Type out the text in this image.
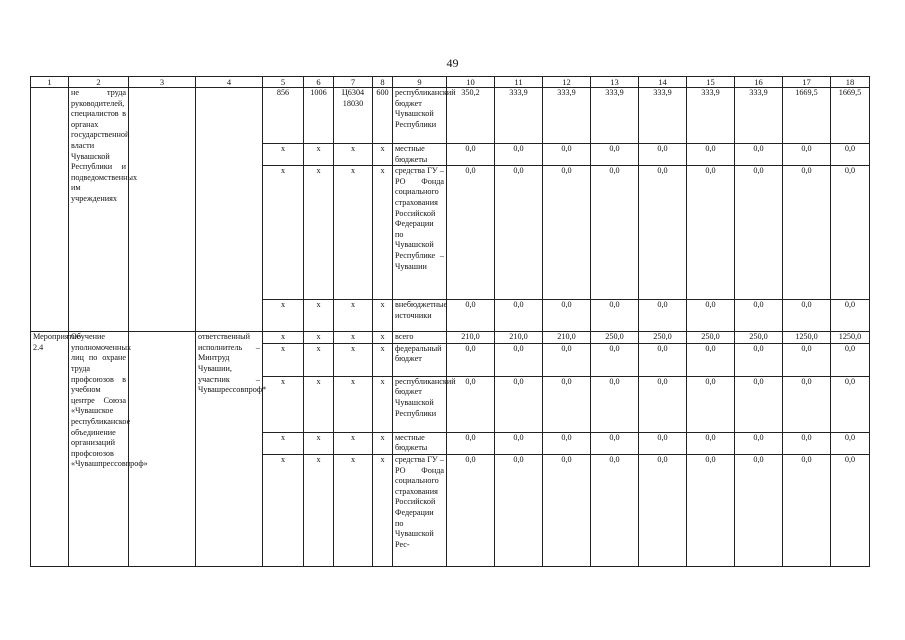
49
1	2	3	4	5	6	7	8	9	10	11	12	13	14	15	16	17	18
	не труда руководителей, специалистов в органах государственной власти Чувашской Республики и подведомственных им учреждениях			856	1006	Ц6304 18030	600	республиканский бюджет Чувашской Республики	350,2	333,9	333,9	333,9	333,9	333,9	333,9	1669,5	1669,5
				x	x	x	x	местные бюджеты	0,0	0,0	0,0	0,0	0,0	0,0	0,0	0,0	0,0
				x	x	x	x	средства ГУ – РО Фонда социального страхования Российской Федерации по Чувашской Республике – Чувашии	0,0	0,0	0,0	0,0	0,0	0,0	0,0	0,0	0,0
				x	x	x	x	внебюджетные источники	0,0	0,0	0,0	0,0	0,0	0,0	0,0	0,0	0,0
Мероприятие 2.4	Обучение уполномоченных лиц по охране труда профсоюзов в учебном центре Союза «Чувашское республиканское объединение организаций профсоюзов «Чувашпрессовпроф»		ответственный исполнитель – Минтруд Чувашии, участник – Чувашрессовпроф*	x	x	x	x	всего	210,0	210,0	210,0	250,0	250,0	250,0	250,0	1250,0	1250,0
				x	x	x	x	федеральный бюджет	0,0	0,0	0,0	0,0	0,0	0,0	0,0	0,0	0,0
				x	x	x	x	республиканский бюджет Чувашской Республики	0,0	0,0	0,0	0,0	0,0	0,0	0,0	0,0	0,0
				x	x	x	x	местные бюджеты	0,0	0,0	0,0	0,0	0,0	0,0	0,0	0,0	0,0
				x	x	x	x	средства ГУ – РО Фонда социального страхования Российской Федерации по Чувашской Рес-	0,0	0,0	0,0	0,0	0,0	0,0	0,0	0,0	0,0
